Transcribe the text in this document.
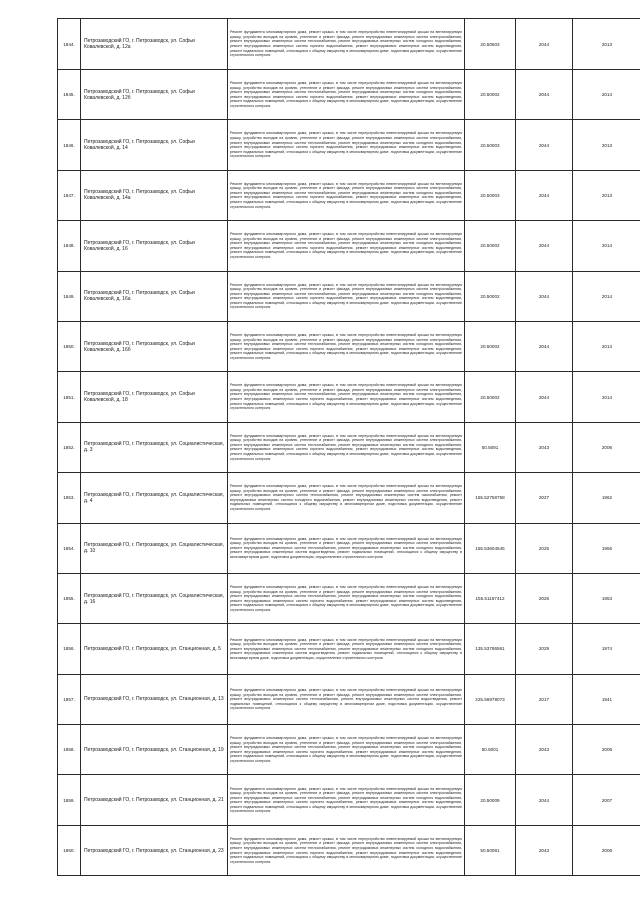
1844.	Петрозаводский ГО, г. Петрозаводск, ул. Софьи Ковалевской, д. 12а	Ремонт фундамента многоквартирного дома, ремонт крыши, в том числе переустройство невентилируемой крыши на вентилируемую крышу, устройство выходов на кровлю, утепление и ремонт фасада, ремонт внутридомовых инженерных систем электроснабжения, ремонт внутридомовых инженерных систем теплоснабжения, ремонт внутридомовых инженерных систем холодного водоснабжения, ремонт внутридомовых инженерных систем горячего водоснабжения, ремонт внутридомовых инженерных систем водоотведения, ремонт подвальных помещений, относящихся к общему имуществу в многоквартирном доме, подготовка документации, осуществление строительного контроля	20.50503	2044	2013
1845.	Петрозаводский ГО, г. Петрозаводск, ул. Софьи Ковалевской, д. 12б	Ремонт фундамента многоквартирного дома, ремонт крыши, в том числе переустройство невентилируемой крыши на вентилируемую крышу, устройство выходов на кровлю, утепление и ремонт фасада, ремонт внутридомовых инженерных систем электроснабжения, ремонт внутридомовых инженерных систем теплоснабжения, ремонт внутридомовых инженерных систем холодного водоснабжения, ремонт внутридомовых инженерных систем горячего водоснабжения, ремонт внутридомовых инженерных систем водоотведения, ремонт подвальных помещений, относящихся к общему имуществу в многоквартирном доме, подготовка документации, осуществление строительного контроля	20.50002	2044	2014
1846.	Петрозаводский ГО, г. Петрозаводск, ул. Софьи Ковалевской, д. 14	Ремонт фундамента многоквартирного дома, ремонт крыши, в том числе переустройство невентилируемой крыши на вентилируемую крышу, устройство выходов на кровлю, утепление и ремонт фасада, ремонт внутридомовых инженерных систем электроснабжения, ремонт внутридомовых инженерных систем теплоснабжения, ремонт внутридомовых инженерных систем холодного водоснабжения, ремонт внутридомовых инженерных систем горячего водоснабжения, ремонт внутридомовых инженерных систем водоотведения, ремонт подвальных помещений, относящихся к общему имуществу в многоквартирном доме, подготовка документации, осуществление строительного контроля	20.50003	2044	2013
1847.	Петрозаводский ГО, г. Петрозаводск, ул. Софьи Ковалевской, д. 14а	Ремонт фундамента многоквартирного дома, ремонт крыши, в том числе переустройство невентилируемой крыши на вентилируемую крышу, устройство выходов на кровлю, утепление и ремонт фасада, ремонт внутридомовых инженерных систем электроснабжения, ремонт внутридомовых инженерных систем теплоснабжения, ремонт внутридомовых инженерных систем холодного водоснабжения, ремонт внутридомовых инженерных систем горячего водоснабжения, ремонт внутридомовых инженерных систем водоотведения, ремонт подвальных помещений, относящихся к общему имуществу в многоквартирном доме, подготовка документации, осуществление строительного контроля	20.50003	2044	2013
1848.	Петрозаводский ГО, г. Петрозаводск, ул. Софьи Ковалевской, д. 16	Ремонт фундамента многоквартирного дома, ремонт крыши, в том числе переустройство невентилируемой крыши на вентилируемую крышу, устройство выходов на кровлю, утепление и ремонт фасада, ремонт внутридомовых инженерных систем электроснабжения, ремонт внутридомовых инженерных систем теплоснабжения, ремонт внутридомовых инженерных систем холодного водоснабжения, ремонт внутридомовых инженерных систем горячего водоснабжения, ремонт внутридомовых инженерных систем водоотведения, ремонт подвальных помещений, относящихся к общему имуществу в многоквартирном доме, подготовка документации, осуществление строительного контроля	20.50002	2044	2014
1849.	Петрозаводский ГО, г. Петрозаводск, ул. Софьи Ковалевской, д. 16а	Ремонт фундамента многоквартирного дома, ремонт крыши, в том числе переустройство невентилируемой крыши на вентилируемую крышу, устройство выходов на кровлю, утепление и ремонт фасада, ремонт внутридомовых инженерных систем электроснабжения, ремонт внутридомовых инженерных систем теплоснабжения, ремонт внутридомовых инженерных систем холодного водоснабжения, ремонт внутридомовых инженерных систем горячего водоснабжения, ремонт внутридомовых инженерных систем водоотведения, ремонт подвальных помещений, относящихся к общему имуществу в многоквартирном доме, подготовка документации, осуществление строительного контроля	20.50002	2044	2014
1850.	Петрозаводский ГО, г. Петрозаводск, ул. Софьи Ковалевской, д. 16б	Ремонт фундамента многоквартирного дома, ремонт крыши, в том числе переустройство невентилируемой крыши на вентилируемую крышу, устройство выходов на кровлю, утепление и ремонт фасада, ремонт внутридомовых инженерных систем электроснабжения, ремонт внутридомовых инженерных систем теплоснабжения, ремонт внутридомовых инженерных систем холодного водоснабжения, ремонт внутридомовых инженерных систем горячего водоснабжения, ремонт внутридомовых инженерных систем водоотведения, ремонт подвальных помещений, относящихся к общему имуществу в многоквартирном доме, подготовка документации, осуществление строительного контроля	20.50002	2044	2014
1851.	Петрозаводский ГО, г. Петрозаводск, ул. Софьи Ковалевской, д. 18	Ремонт фундамента многоквартирного дома, ремонт крыши, в том числе переустройство невентилируемой крыши на вентилируемую крышу, устройство выходов на кровлю, утепление и ремонт фасада, ремонт внутридомовых инженерных систем электроснабжения, ремонт внутридомовых инженерных систем теплоснабжения, ремонт внутридомовых инженерных систем холодного водоснабжения, ремонт внутридомовых инженерных систем горячего водоснабжения, ремонт внутридомовых инженерных систем водоотведения, ремонт подвальных помещений, относящихся к общему имуществу в многоквартирном доме, подготовка документации, осуществление строительного контроля	20.50002	2044	2014
1852.	Петрозаводский ГО, г. Петрозаводск, ул. Социалистическая, д. 3	Ремонт фундамента многоквартирного дома, ремонт крыши, в том числе переустройство невентилируемой крыши на вентилируемую крышу, устройство выходов на кровлю, утепление и ремонт фасада, ремонт внутридомовых инженерных систем электроснабжения, ремонт внутридомовых инженерных систем теплоснабжения, ремонт внутридомовых инженерных систем холодного водоснабжения, ремонт внутридомовых инженерных систем горячего водоснабжения, ремонт внутридомовых инженерных систем водоотведения, ремонт подвальных помещений, относящихся к общему имуществу в многоквартирном доме, подготовка документации, осуществление строительного контроля	50.5091	2043	2006
1853.	Петрозаводский ГО, г. Петрозаводск, ул. Социалистическая, д. 4	Ремонт фундамента многоквартирного дома, ремонт крыши, в том числе переустройство невентилируемой крыши на вентилируемую крышу, устройство выходов на кровлю, утепление и ремонт фасада, ремонт внутридомовых инженерных систем электроснабжения, ремонт внутридомовых инженерных систем теплоснабжения, ремонт внутридомовых инженерных систем газоснабжения, ремонт внутридомовых инженерных систем холодного водоснабжения, ремонт внутридомовых инженерных систем водоотведения, ремонт подвальных помещений, относящихся к общему имуществу в многоквартирном доме, подготовка документации, осуществление строительного контроля	155.52758758	2027	1962
1854.	Петрозаводский ГО, г. Петрозаводск, ул. Социалистическая, д. 10	Ремонт фундамента многоквартирного дома, ремонт крыши, в том числе переустройство невентилируемой крыши на вентилируемую крышу, устройство выходов на кровлю, утепление и ремонт фасада, ремонт внутридомовых инженерных систем электроснабжения, ремонт внутридомовых инженерных систем теплоснабжения, ремонт внутридомовых инженерных систем холодного водоснабжения, ремонт внутридомовых инженерных систем водоотведения, ремонт подвальных помещений, относящихся к общему имуществу в многоквартирном доме, подготовка документации, осуществление строительного контроля	155.53604545	2025	1956
1855.	Петрозаводский ГО, г. Петрозаводск, ул. Социалистическая, д. 16	Ремонт фундамента многоквартирного дома, ремонт крыши, в том числе переустройство невентилируемой крыши на вентилируемую крышу, устройство выходов на кровлю, утепление и ремонт фасада, ремонт внутридомовых инженерных систем электроснабжения, ремонт внутридомовых инженерных систем теплоснабжения, ремонт внутридомовых инженерных систем холодного водоснабжения, ремонт внутридомовых инженерных систем горячего водоснабжения, ремонт внутридомовых инженерных систем водоотведения, ремонт подвальных помещений, относящихся к общему имуществу в многоквартирном доме, подготовка документации, осуществление строительного контроля	155.51167412	2026	1953
1856.	Петрозаводский ГО, г. Петрозаводск, ул. Станционная, д. 5	Ремонт фундамента многоквартирного дома, ремонт крыши, в том числе переустройство невентилируемой крыши на вентилируемую крышу, устройство выходов на кровлю, утепление и ремонт фасада, ремонт внутридомовых инженерных систем электроснабжения, ремонт внутридомовых инженерных систем теплоснабжения, ремонт внутридомовых инженерных систем холодного водоснабжения, ремонт внутридомовых инженерных систем водоотведения, ремонт подвальных помещений, относящихся к общему имуществу в многоквартирном доме, подготовка документации, осуществление строительного контроля	135.53786561	2029	1974
1857.	Петрозаводский ГО, г. Петрозаводск, ул. Станционная, д. 13	Ремонт фундамента многоквартирного дома, ремонт крыши, в том числе переустройство невентилируемой крыши на вентилируемую крышу, устройство выходов на кровлю, утепление и ремонт фасада, ремонт внутридомовых инженерных систем электроснабжения, ремонт внутридомовых инженерных систем теплоснабжения, ремонт внутридомовых инженерных систем водоотведения, ремонт подвальных помещений, относящихся к общему имуществу в многоквартирном доме, подготовка документации, осуществление строительного контроля	225.56979073	2017	1941
1858.	Петрозаводский ГО, г. Петрозаводск, ул. Станционная, д. 19	Ремонт фундамента многоквартирного дома, ремонт крыши, в том числе переустройство невентилируемой крыши на вентилируемую крышу, устройство выходов на кровлю, утепление и ремонт фасада, ремонт внутридомовых инженерных систем электроснабжения, ремонт внутридомовых инженерных систем теплоснабжения, ремонт внутридомовых инженерных систем холодного водоснабжения, ремонт внутридомовых инженерных систем горячего водоснабжения, ремонт внутридомовых инженерных систем водоотведения, ремонт подвальных помещений, относящихся к общему имуществу в многоквартирном доме, подготовка документации, осуществление строительного контроля	50.5001	2043	2006
1859.	Петрозаводский ГО, г. Петрозаводск, ул. Станционная, д. 21	Ремонт фундамента многоквартирного дома, ремонт крыши, в том числе переустройство невентилируемой крыши на вентилируемую крышу, устройство выходов на кровлю, утепление и ремонт фасада, ремонт внутридомовых инженерных систем электроснабжения, ремонт внутридомовых инженерных систем теплоснабжения, ремонт внутридомовых инженерных систем холодного водоснабжения, ремонт внутридомовых инженерных систем горячего водоснабжения, ремонт внутридомовых инженерных систем водоотведения, ремонт подвальных помещений, относящихся к общему имуществу в многоквартирном доме, подготовка документации, осуществление строительного контроля	20.50009	2044	2007
1860.	Петрозаводский ГО, г. Петрозаводск, ул. Станционная, д. 23	Ремонт фундамента многоквартирного дома, ремонт крыши, в том числе переустройство невентилируемой крыши на вентилируемую крышу, устройство выходов на кровлю, утепление и ремонт фасада, ремонт внутридомовых инженерных систем электроснабжения, ремонт внутридомовых инженерных систем теплоснабжения, ремонт внутридомовых инженерных систем холодного водоснабжения, ремонт внутридомовых инженерных систем горячего водоснабжения, ремонт внутридомовых инженерных систем водоотведения, ремонт подвальных помещений, относящихся к общему имуществу в многоквартирном доме, подготовка документации, осуществление строительного контроля	50.50081	2043	2006
